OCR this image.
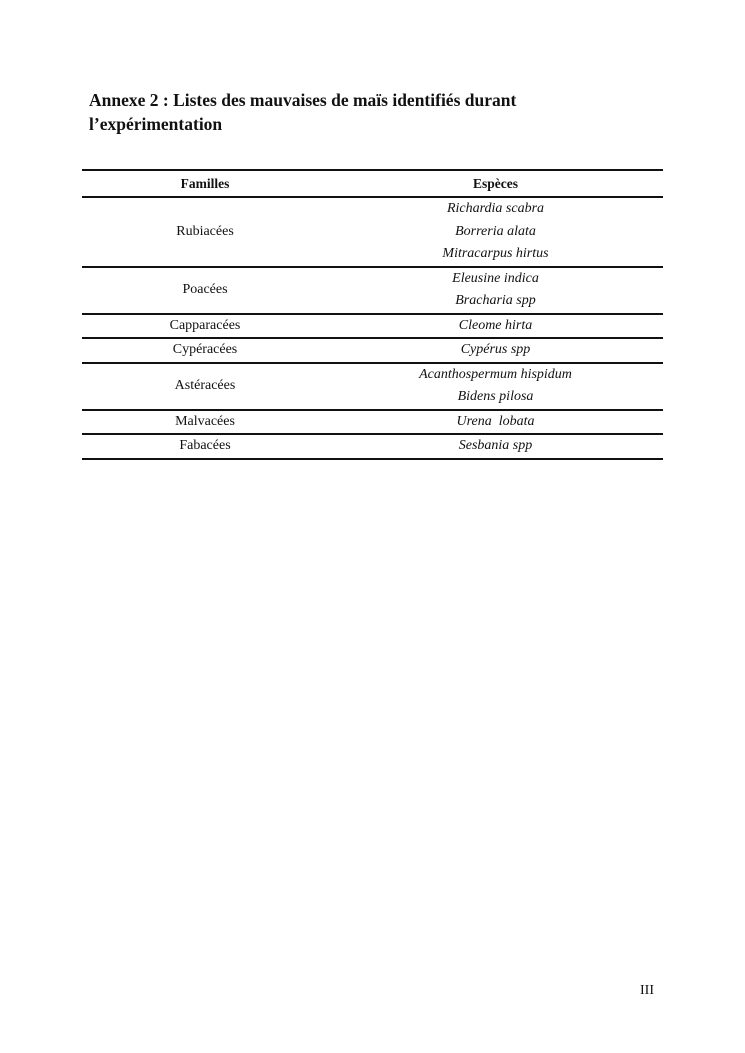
Annexe 2 : Listes des mauvaises de maïs identifiés durant
l’expérimentation
Familles	Espèces
Rubiacées	Richardia scabra
Borreria alata
Mitracarpus hirtus

Poacées	Eleusine indica
Bracharia spp

Capparacées	Cleome hirta

Cypéracées	Cypérus spp

Astéracées	Acanthospermum hispidum
Bidens pilosa

Malvacées	Urena  lobata

Fabacées	Sesbania spp
III
